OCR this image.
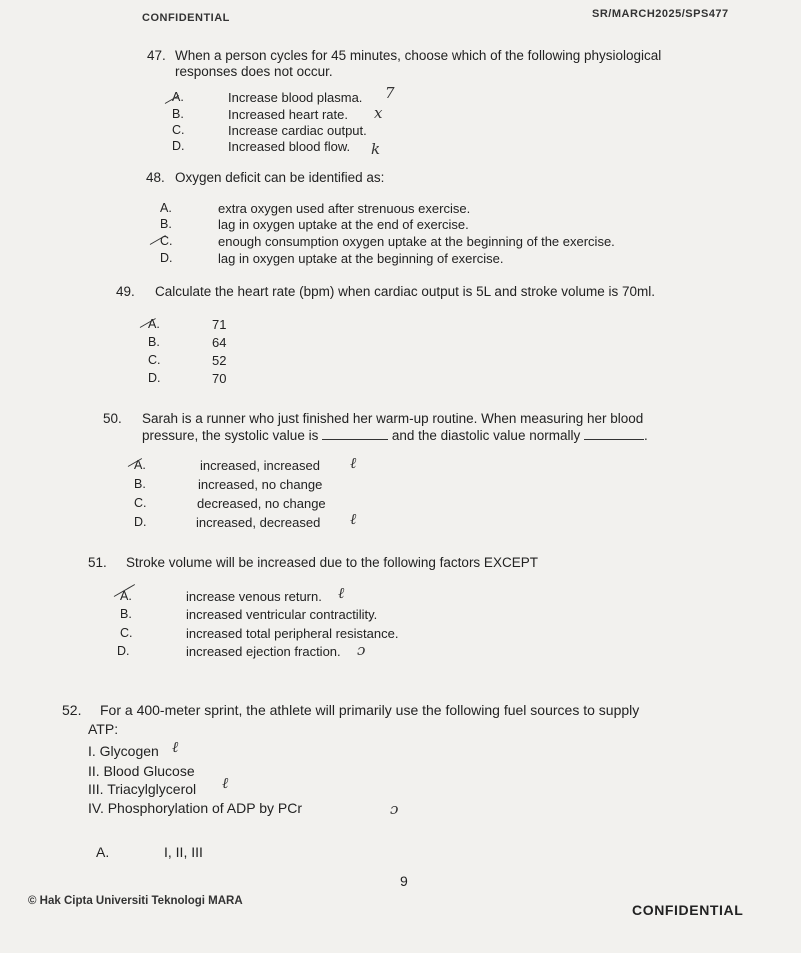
CONFIDENTIAL	SR/MARCH2025/SPS477
47. When a person cycles for 45 minutes, choose which of the following physiological
responses does not occur.
A.	Increase blood plasma. 7
B.	Increased heart rate. x
C.	Increase cardiac output.
D.	Increased blood flow. k
48. Oxygen deficit can be identified as:
A.	extra oxygen used after strenuous exercise.
B.	lag in oxygen uptake at the end of exercise.
C.	enough consumption oxygen uptake at the beginning of the exercise.
D.	lag in oxygen uptake at the beginning of exercise.
49. Calculate the heart rate (bpm) when cardiac output is 5L and stroke volume is 70ml.
A.	71
B.	64
C.	52
D.	70
50. Sarah is a runner who just finished her warm-up routine. When measuring her blood
pressure, the systolic value is	and the diastolic value normally	.
A.	increased, increased ℓ
B.	increased, no change
C.	decreased, no change
D.	increased, decreased ℓ
51. Stroke volume will be increased due to the following factors EXCEPT
A.	increase venous return. ℓ
B.	increased ventricular contractility.
C.	increased total peripheral resistance.
D.	increased ejection fraction. ɔ
52. For a 400-meter sprint, the athlete will primarily use the following fuel sources to supply
ATP:
I. Glycogen ℓ
II. Blood Glucose
III. Triacylglycerol ℓ
IV. Phosphorylation of ADP by PCr	ɔ
A.	I, II, III
9
© Hak Cipta Universiti Teknologi MARA
CONFIDENTIAL
